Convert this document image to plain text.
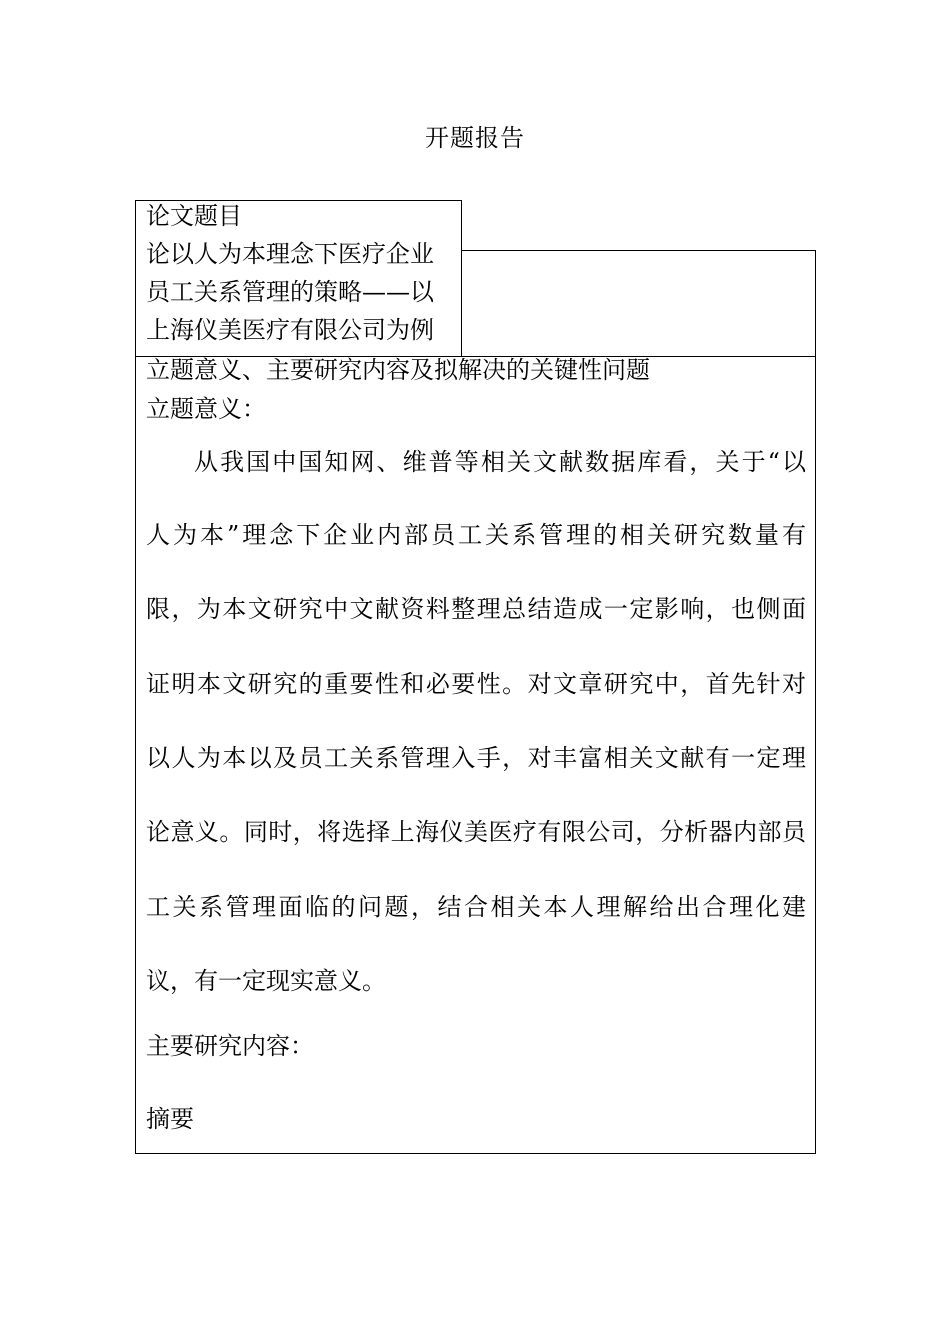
开题报告
论文题目
论以人为本理念下医疗企业
员工关系管理的策略——以
上海仪美医疗有限公司为例
立题意义、主要研究内容及拟解决的关键性问题
立题意义：
从我国中国知网、维普等相关文献数据库看，关于“以
人为本”理念下企业内部员工关系管理的相关研究数量有
限，为本文研究中文献资料整理总结造成一定影响，也侧面
证明本文研究的重要性和必要性。对文章研究中，首先针对
以人为本以及员工关系管理入手，对丰富相关文献有一定理
论意义。同时，将选择上海仪美医疗有限公司，分析器内部员
工关系管理面临的问题，结合相关本人理解给出合理化建
议，有一定现实意义。
主要研究内容：
摘要
